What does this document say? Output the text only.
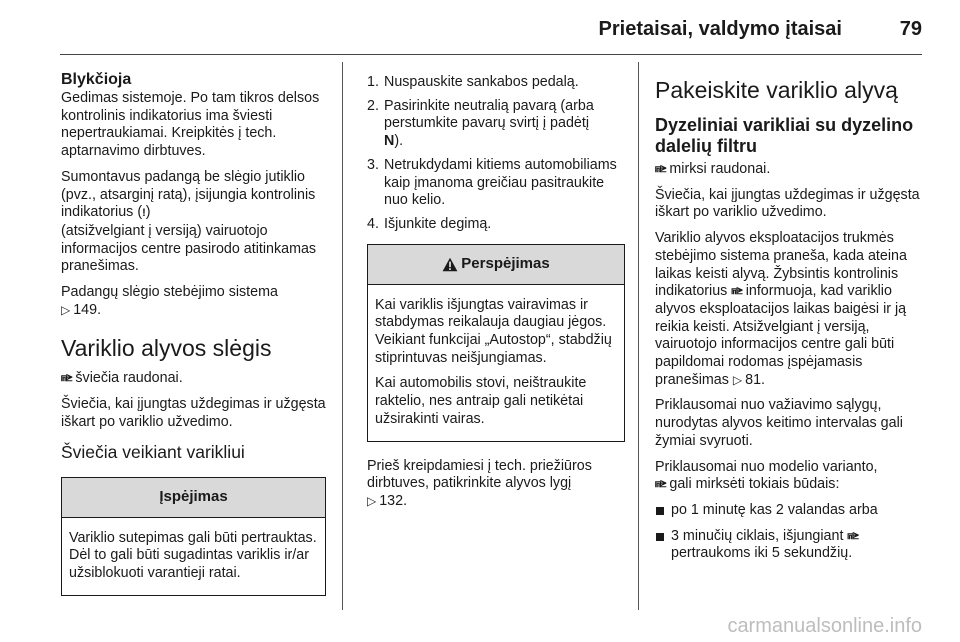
Prietaisai, valdymo įtaisai	79
Blykčioja

Gedimas sistemoje. Po tam tikros delsos kontrolinis indikatorius ima šviesti nepertraukiamai. Kreipkitės į tech. aptarnavimo dirbtuves.

Sumontavus padangą be slėgio jutiklio (pvz., atsarginį ratą), įsijungia kontrolinis indikatorius (!)
(atsižvelgiant į versiją) vairuotojo informacijos centre pasirodo atitinkamas pranešimas.

Padangų slėgio stebėjimo sistema
▷ 149.

Variklio alyvos slėgis

⩎⪭ šviečia raudonai.

Šviečia, kai įjungtas uždegimas ir užgęsta iškart po variklio užvedimo.

Šviečia veikiant varikliui
Įspėjimas

Variklio sutepimas gali būti pertrauktas. Dėl to gali būti sugadintas variklis ir/ar užsiblokuoti varantieji ratai.

1. Nuspauskite sankabos pedalą.
2. Pasirinkite neutralią pavarą (arba perstumkite pavarų svirtį į padėtį
N).
3. Netrukdydami kitiems automobiliams kaip įmanoma greičiau pasitraukite nuo kelio.
4. Išjunkite degimą.
Perspėjimas

Kai variklis išjungtas vairavimas ir stabdymas reikalauja daugiau jėgos. Veikiant funkcijai „Autostop“, stabdžių stiprintuvas neišjungiamas.

Kai automobilis stovi, neištraukite raktelio, nes antraip gali netikėtai užsirakinti vairas.

Prieš kreipdamiesi į tech. priežiūros dirbtuves, patikrinkite alyvos lygį
▷ 132.

Pakeiskite variklio alyvą
Dyzeliniai varikliai su dyzelino dalelių filtru

⩎⪭ mirksi raudonai.

Šviečia, kai įjungtas uždegimas ir užgęsta iškart po variklio užvedimo.

Variklio alyvos eksploatacijos trukmės stebėjimo sistema praneša, kada ateina laikas keisti alyvą. Žybsintis kontrolinis indikatorius ⩎⪭ informuoja, kad variklio alyvos eksploatacijos laikas baigėsi ir ją reikia keisti. Atsižvelgiant į versiją, vairuotojo informacijos centre gali būti papildomai rodomas įspėjamasis pranešimas ▷ 81.

Priklausomai nuo važiavimo sąlygų, nurodytas alyvos keitimo intervalas gali žymiai svyruoti.

Priklausomai nuo modelio varianto,
⩎⪭ gali mirksėti tokiais būdais:

po 1 minutę kas 2 valandas arba
3 minučių ciklais, išjungiant ⩎⪭
pertraukoms iki 5 sekundžių.
carmanualsonline.info
